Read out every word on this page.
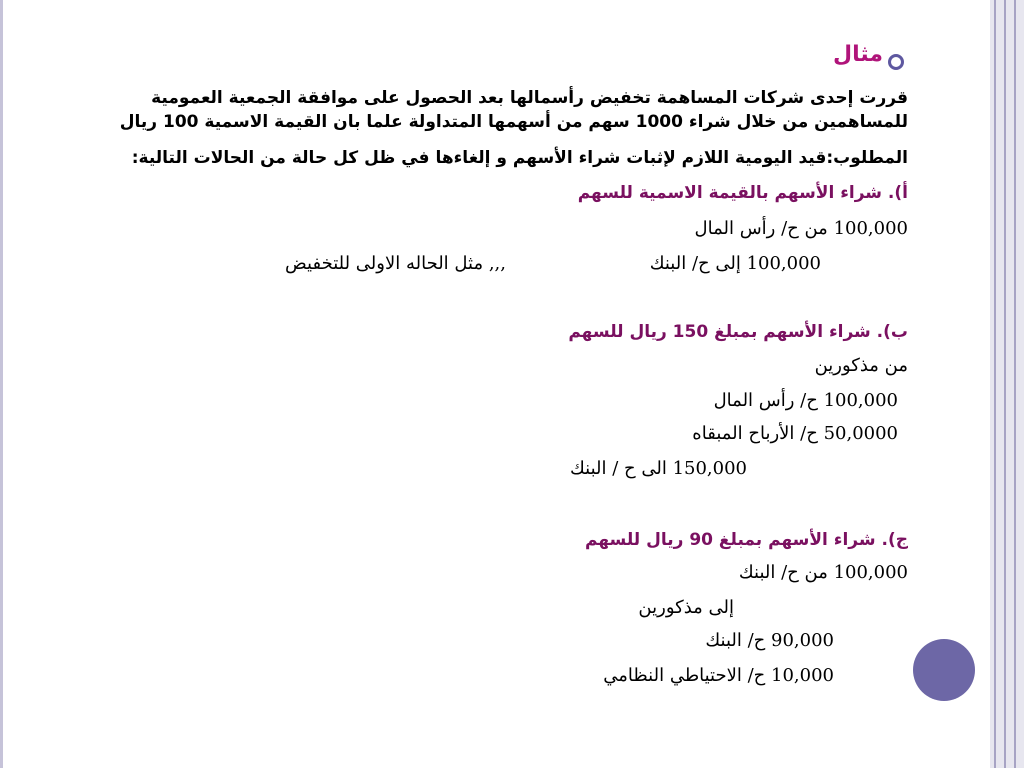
مثال
قررت إحدى شركات المساهمة تخفيض رأسمالها بعد الحصول على موافقة الجمعية العمومية
للمساهمين من خلال شراء 1000 سهم من أسهمها المتداولة علما بان القيمة الاسمية 100 ريال
المطلوب:قيد اليومية اللازم لإثبات شراء الأسهم و إلغاءها في ظل كل حالة من الحالات التالية:
أ). شراء الأسهم بالقيمة الاسمية للسهم
100,000 من ح/ رأس المال
100,000 إلى ح/ البنك
,,, مثل الحاله الاولى للتخفيض
ب). شراء الأسهم بمبلغ 150 ريال للسهم
من مذكورين
100,000 ح/ رأس المال
50,0000 ح/ الأرباح المبقاه
150,000 الى ح / البنك
ج). شراء الأسهم بمبلغ 90 ريال للسهم
100,000 من ح/ البنك
إلى مذكورين
90,000 ح/ البنك
10,000 ح/ الاحتياطي النظامي
